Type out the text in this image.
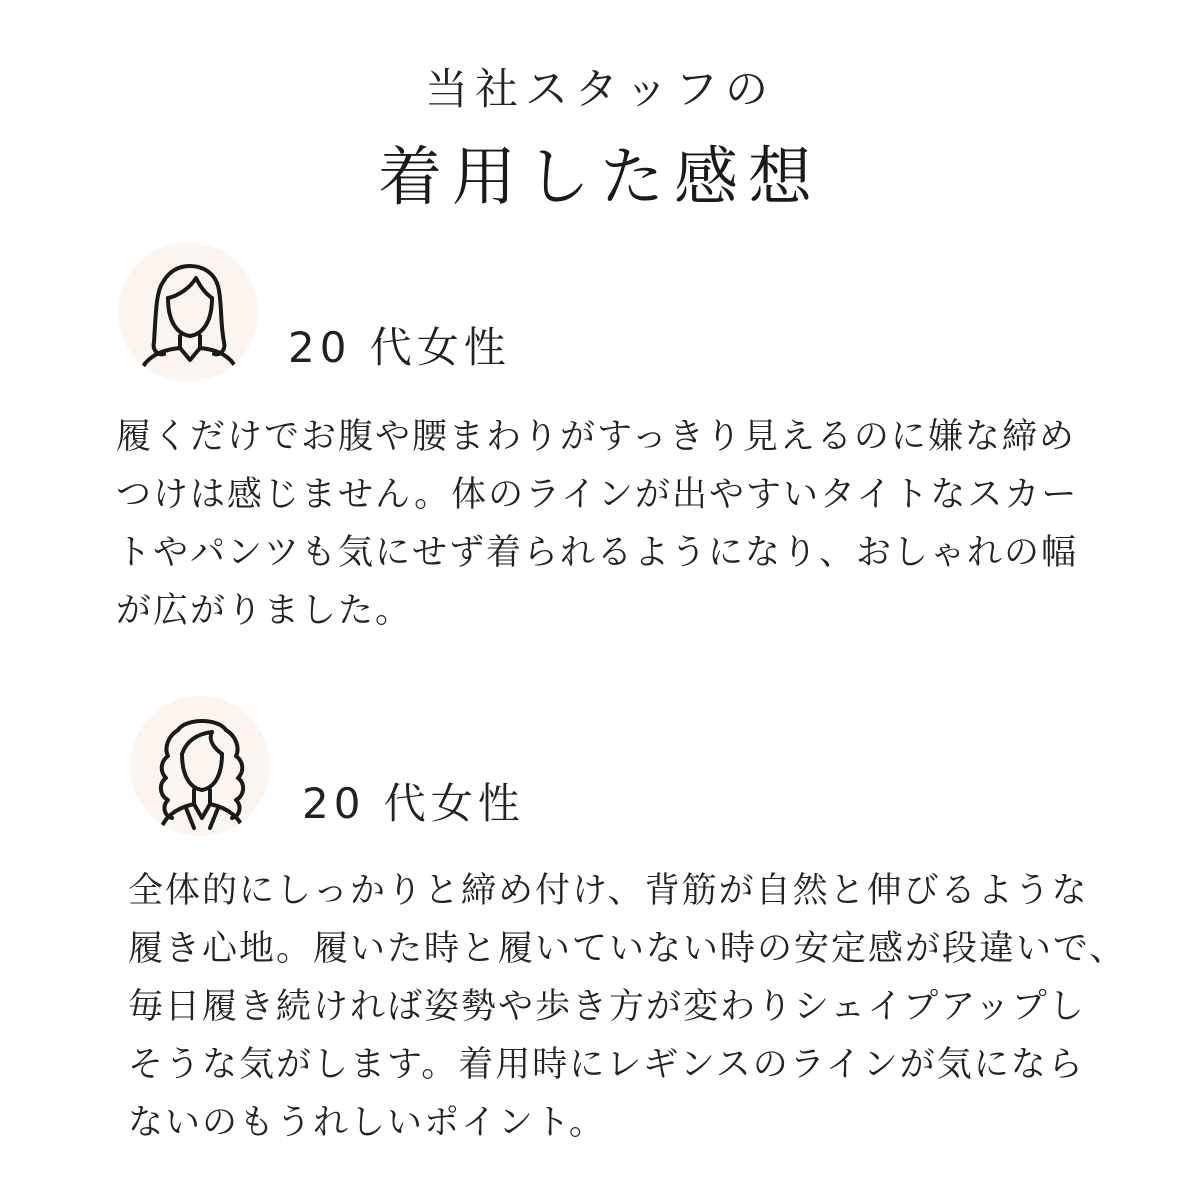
当社スタッフの
着用した感想
20 代女性

履くだけでお腹や腰まわりがすっきり見えるのに嫌な締め
つけは感じません。体のラインが出やすいタイトなスカー
トやパンツも気にせず着られるようになり、おしゃれの幅
が広がりました。

20 代女性

全体的にしっかりと締め付け、背筋が自然と伸びるような
履き心地。履いた時と履いていない時の安定感が段違いで、
毎日履き続ければ姿勢や歩き方が変わりシェイプアップし
そうな気がします。着用時にレギンスのラインが気になら
ないのもうれしいポイント。
